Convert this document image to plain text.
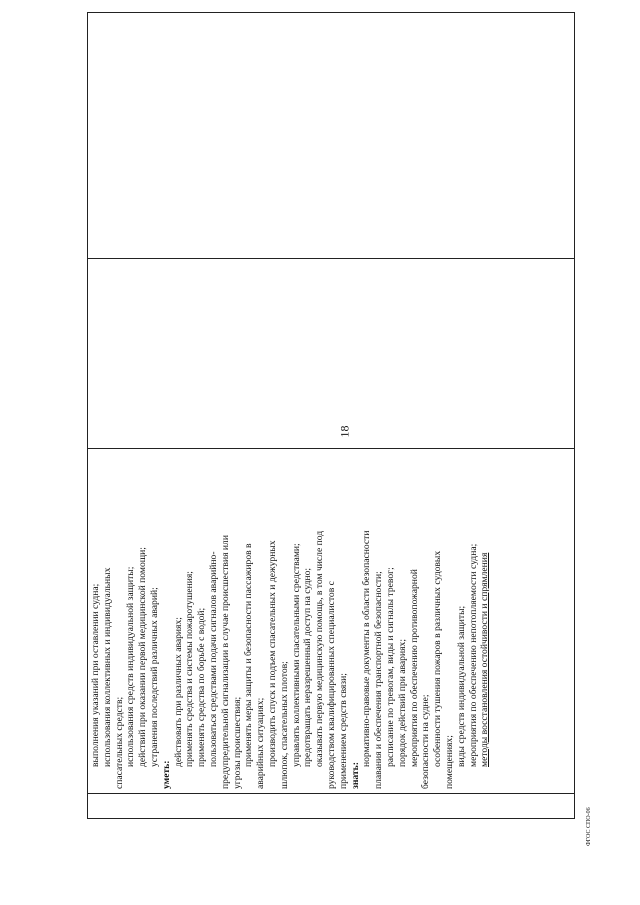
18
выполнения указаний при оставлении судна; использования коллективных и индивидуальных спасательных средств; использования средств индивидуальной защиты; действий при оказании первой медицинской помощи; устранения последствий различных аварий;
уметь:
действовать при различных авариях; применять средства и системы пожаротушения; применять средства по борьбе с водой; пользоваться средствами подачи сигналов аварийно- предупредительной сигнализации в случае происшествия или угрозы происшествия; применять меры защиты и безопасности пассажиров в аварийных ситуациях; производить спуск и подъем спасательных и дежурных шлюпок, спасательных плотов; управлять коллективными спасательными средствами; предотвращать неразрешенный доступ на судно; оказывать первую медицинскую помощь, в том числе под руководством квалифицированных специалистов с применением средств связи; знать:
нормативно-правовые документы в области безопасности плавания и обеспечения транспортной безопасности; расписание по тревогам, виды и сигналы тревог; порядок действий при авариях; мероприятия по обеспечению противопожарной безопасности на судне; особенности тушения пожаров в различных судовых помещениях; виды средств индивидуальной защиты; мероприятия по обеспечению непотопляемости судна; методы восстановления остойчивости и спрямления
ФГОС СПО-06
